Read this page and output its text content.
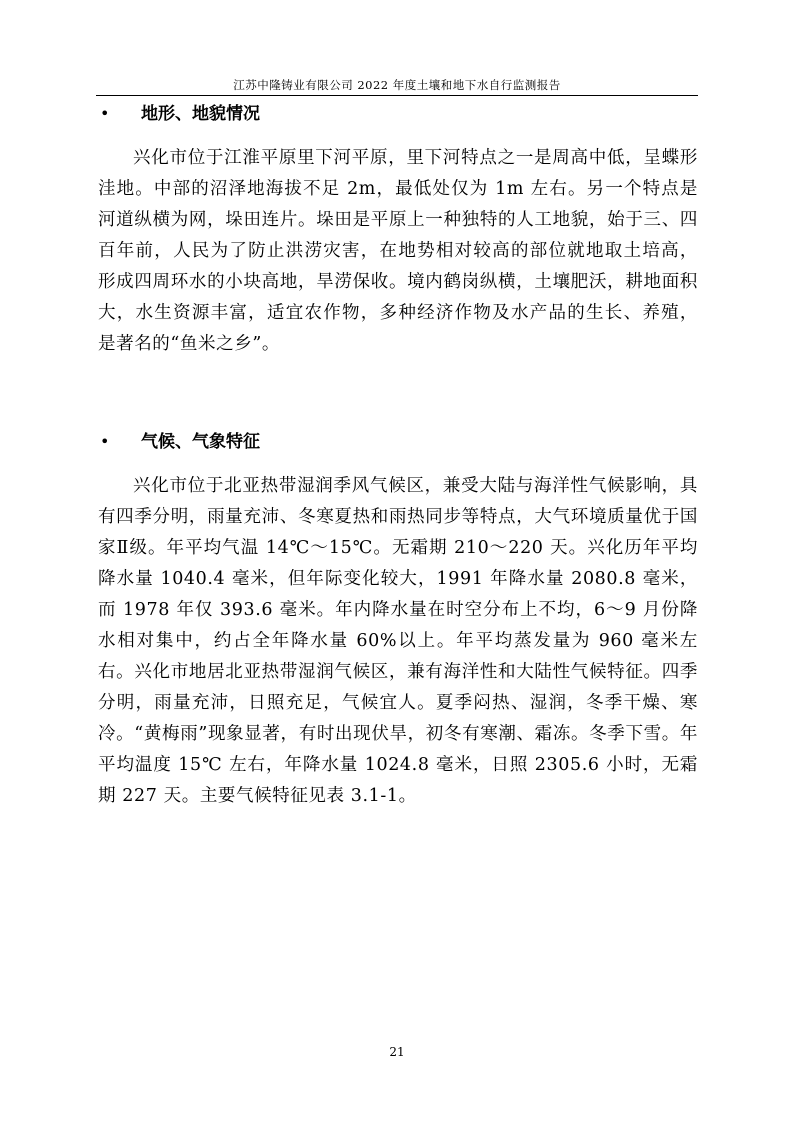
江苏中隆铸业有限公司 2022 年度土壤和地下水自行监测报告
• 地形、地貌情况

兴化市位于江淮平原里下河平原，里下河特点之一是周高中低，呈蝶形洼地。中部的沼泽地海拔不足 2m，最低处仅为 1m 左右。另一个特点是河道纵横为网，垛田连片。垛田是平原上一种独特的人工地貌，始于三、四百年前，人民为了防止洪涝灾害，在地势相对较高的部位就地取土培高， 形成四周环水的小块高地，旱涝保收。境内鹤岗纵横，土壤肥沃，耕地面积大，水生资源丰富，适宜农作物，多种经济作物及水产品的生长、养殖， 是著名的“鱼米之乡”。

• 气候、气象特征

兴化市位于北亚热带湿润季风气候区，兼受大陆与海洋性气候影响，具有四季分明，雨量充沛、冬寒夏热和雨热同步等特点，大气环境质量优于国家Ⅱ级。年平均气温 14℃～15℃。无霜期 210～220 天。兴化历年平均降水量 1040.4 毫米，但年际变化较大，1991 年降水量 2080.8 毫米，而 1978 年仅 393.6 毫米。年内降水量在时空分布上不均，6～9 月份降水相对集中，约占全年降水量 60%以上。年平均蒸发量为 960 毫米左右。兴化市地居北亚热带湿润气候区，兼有海洋性和大陆性气候特征。四季分明，雨量充沛，日照充足，气候宜人。夏季闷热、湿润，冬季干燥、寒冷。“黄梅雨”现象显著，有时出现伏旱，初冬有寒潮、霜冻。冬季下雪。年平均温度 15℃ 左右，年降水量 1024.8 毫米，日照 2305.6 小时，无霜期 227 天。主要气候特征见表 3.1-1。

21
